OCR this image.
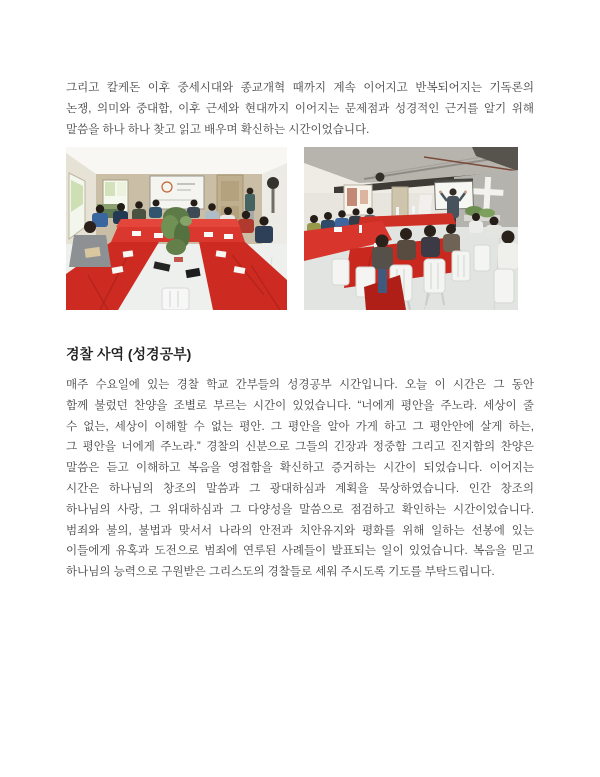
그리고 칼케돈 이후 중세시대와 종교개혁 때까지 계속 이어지고 반복되어지는 기독론의
논쟁, 의미와 중대함, 이후 근세와 현대까지 이어지는 문제점과 성경적인 근거를 알기 위해
말씀을 하나 하나 찾고 읽고 배우며 확신하는 시간이었습니다.
경찰 사역 (성경공부)
매주 수요일에 있는 경찰 학교 간부들의 성경공부 시간입니다. 오늘 이 시간은 그 동안
함께 불렀던 찬양을 조별로 부르는 시간이 있었습니다. “너에게 평안을 주노라. 세상이 줄
수 없는, 세상이 이해할 수 없는 평안. 그 평안을 알아 가게 하고 그 평안안에 살게 하는,
그 평안을 너에게 주노라.” 경찰의 신분으로 그들의 긴장과 정중함 그리고 진지함의 찬양은
말씀은 듣고 이해하고 복음을 영접함을 확신하고 증거하는 시간이 되었습니다. 이어지는
시간은 하나님의 창조의 말씀과 그 광대하심과 계획을 묵상하였습니다. 인간 창조의
하나님의 사랑, 그 위대하심과 그 다양성을 말씀으로 점검하고 확인하는 시간이었습니다.
범죄와 불의, 불법과 맞서서 나라의 안전과 치안유지와 평화를 위해 일하는 선봉에 있는
이들에게 유혹과 도전으로 범죄에 연루된 사례들이 발표되는 일이 있었습니다. 복음을 믿고
하나님의 능력으로 구원받은 그리스도의 경찰들로 세워 주시도록 기도를 부탁드립니다.
